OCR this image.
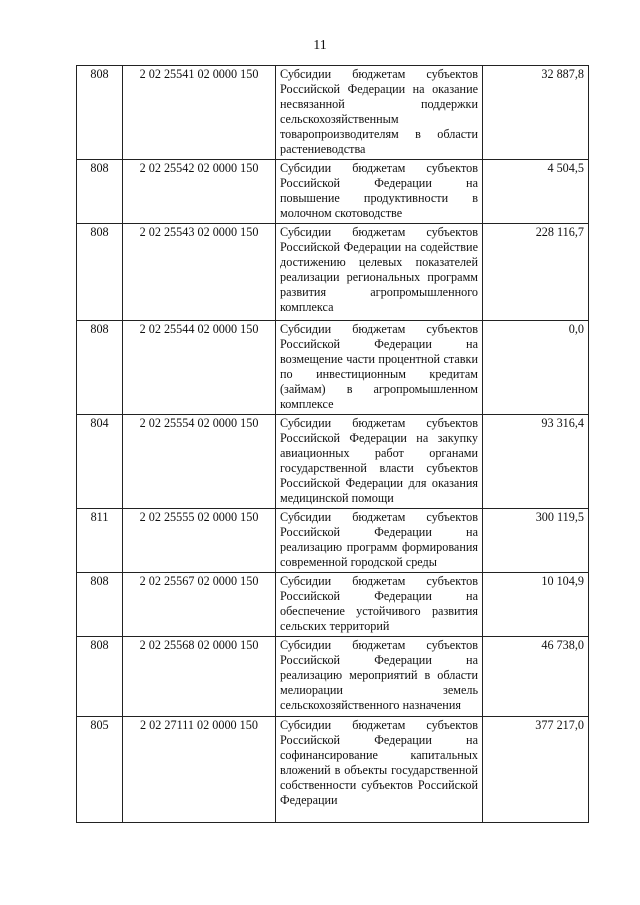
11
808	2 02 25541 02 0000 150	Субсидии бюджетам субъектов Российской Федерации на оказание несвязанной поддержки сельскохозяйственным товаропроизводителям в области растениеводства	32 887,8
808	2 02 25542 02 0000 150	Субсидии бюджетам субъектов Российской Федерации на повышение продуктивности в молочном скотоводстве	4 504,5
808	2 02 25543 02 0000 150	Субсидии бюджетам субъектов Российской Федерации на содействие достижению целевых показателей реализации региональных программ развития агропромышленного комплекса	228 116,7
808	2 02 25544 02 0000 150	Субсидии бюджетам субъектов Российской Федерации на возмещение части процентной ставки по инвестиционным кредитам (займам) в агропромышленном комплексе	0,0
804	2 02 25554 02 0000 150	Субсидии бюджетам субъектов Российской Федерации на закупку авиационных работ органами государственной власти субъектов Российской Федерации для оказания медицинской помощи	93 316,4
811	2 02 25555 02 0000 150	Субсидии бюджетам субъектов Российской Федерации на реализацию программ формирования современной городской среды	300 119,5
808	2 02 25567 02 0000 150	Субсидии бюджетам субъектов Российской Федерации на обеспечение устойчивого развития сельских территорий	10 104,9
808	2 02 25568 02 0000 150	Субсидии бюджетам субъектов Российской Федерации на реализацию мероприятий в области мелиорации земель сельскохозяйственного назначения	46 738,0
805	2 02 27111 02 0000 150	Субсидии бюджетам субъектов Российской Федерации на софинансирование капитальных вложений в объекты государственной собственности субъектов Российской Федерации	377 217,0
